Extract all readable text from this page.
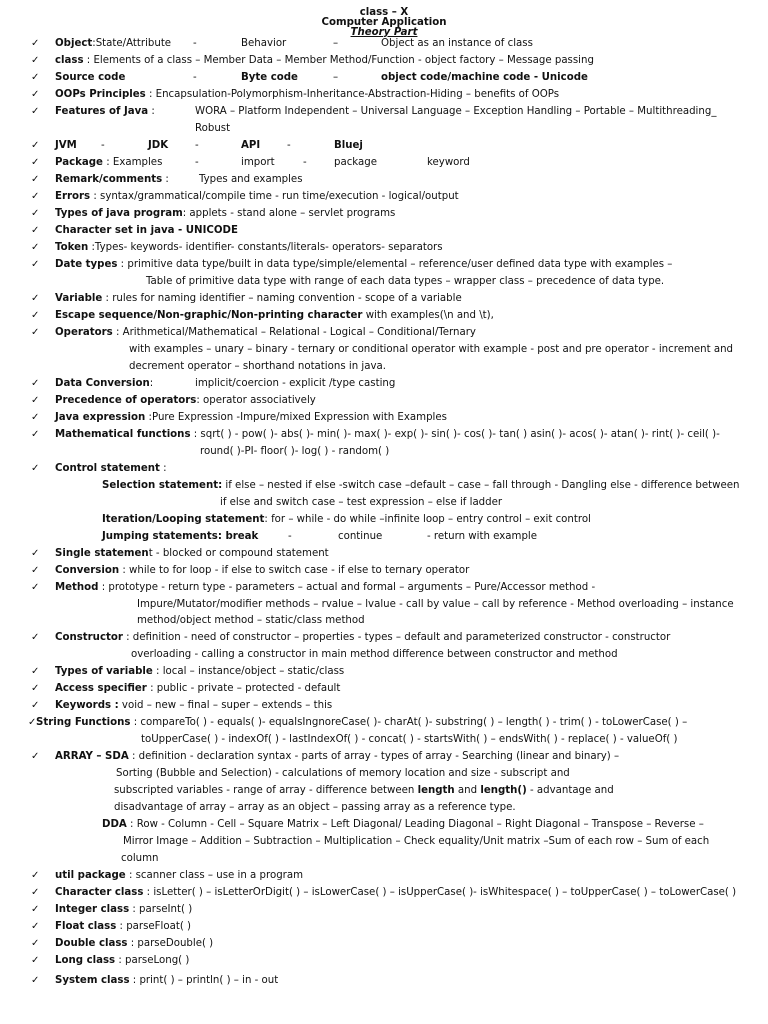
class – X
Computer Application
Theory Part
✓ Object:State/Attribute
✓ class : Elements of a class – Member Data – Member Method/Function - object factory – Message passing
✓ Source code
✓ OOPs Principles : Encapsulation-Polymorphism-Inheritance-Abstraction-Hiding – benefits of OOPs
✓ Features of Java :
✓ JVM
✓ Package : Examples
✓ Remark/comments :
✓ Errors : syntax/grammatical/compile time - run time/execution - logical/output
✓ Types of java program: applets - stand alone – servlet programs
✓ Character set in java - UNICODE
✓ Token :Types- keywords- identifier- constants/literals- operators- separators
✓ Date types : primitive data type/built in data type/simple/elemental – reference/user defined data type with examples –
✓ Variable : rules for naming identifier – naming convention - scope of a variable
✓ Escape sequence/Non-graphic/Non-printing character with examples(\n and \t),
✓ Operators : Arithmetical/Mathematical – Relational - Logical – Conditional/Ternary
✓ Data Conversion:
✓ Precedence of operators: operator associatively
✓ Java expression :Pure Expression -Impure/mixed Expression with Examples
✓ Mathematical functions : sqrt( ) - pow( )- abs( )- min( )- max( )- exp( )- sin( )- cos( )- tan( ) asin( )- acos( )- atan( )- rint( )- ceil( )-
✓ Control statement :
✓ Single statement - blocked or compound statement
✓ Conversion : while to for loop - if else to switch case - if else to ternary operator
✓ Method : prototype - return type - parameters – actual and formal – arguments – Pure/Accessor method -
✓ Constructor : definition - need of constructor – properties - types – default and parameterized constructor - constructor
✓ Types of variable : local – instance/object – static/class
✓ Access specifier : public - private – protected - default
✓ Keywords : void – new – final – super – extends – this
✓ String Functions : compareTo( ) - equals( )- equalsIngnoreCase( )- charAt( )- substring( ) – length( ) - trim( ) - toLowerCase( ) –
✓ ARRAY – SDA : definition - declaration syntax - parts of array - types of array - Searching (linear and binary) –
✓ util package : scanner class – use in a program
✓ Character class : isLetter( ) – isLetterOrDigit( ) – isLowerCase( ) – isUpperCase( )- isWhitespace( ) – toUpperCase( ) – toLowerCase( )
✓ Integer class : parseInt( )
✓ Float class : parseFloat( )
✓ Double class : parseDouble( )
✓ Long class : parseLong( )
✓ System class : print( ) – println( ) – in - out
-	Behavior	–	Object as an instance of class
-	Byte code	–	object code/machine code - Unicode
WORA – Platform Independent – Universal Language – Exception Handling – Portable – Multithreading_
Robust
-	JDK	-	API	-	Bluej
-	import	-	package	keyword
Types and examples
Table of primitive data type with range of each data types – wrapper class – precedence of data type.
with examples – unary – binary - ternary or conditional operator with example - post and pre operator - increment and
decrement operator – shorthand notations in java.
implicit/coercion - explicit /type casting
round( )-PI- floor( )- log( ) - random( )
Selection statement: if else – nested if else -switch case –default – case – fall through - Dangling else - difference between
if else and switch case – test expression – else if ladder
Iteration/Looping statement: for – while - do while –infinite loop – entry control – exit control
Jumping statements: break	-	continue	- return with example
Impure/Mutator/modifier methods – rvalue – lvalue - call by value – call by reference - Method overloading – instance
method/object method – static/class method
overloading - calling a constructor in main method difference between constructor and method
toUpperCase( ) - indexOf( ) - lastIndexOf( ) - concat( ) - startsWith( ) – endsWith( ) - replace( ) - valueOf( )
Sorting (Bubble and Selection) - calculations of memory location and size - subscript and
subscripted variables - range of array - difference between length and length() - advantage and
disadvantage of array – array as an object – passing array as a reference type.
DDA : Row - Column - Cell – Square Matrix – Left Diagonal/ Leading Diagonal – Right Diagonal – Transpose – Reverse –
Mirror Image – Addition – Subtraction – Multiplication – Check equality/Unit matrix –Sum of each row – Sum of each
column
